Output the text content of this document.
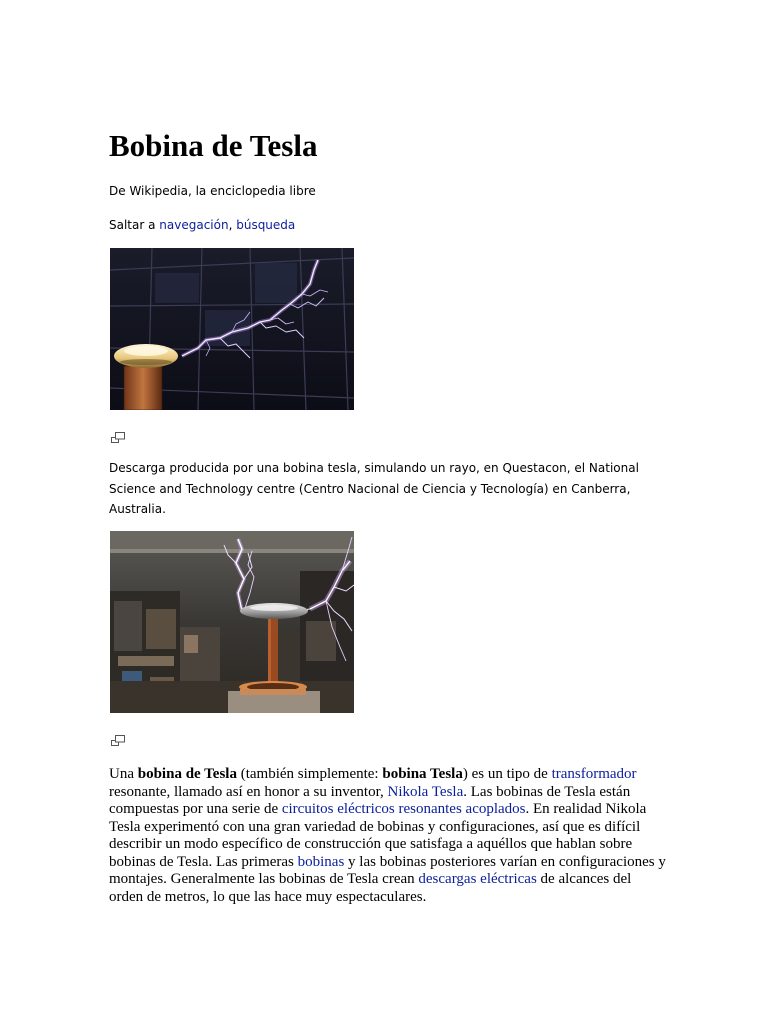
Bobina de Tesla
De Wikipedia, la enciclopedia libre
Saltar a navegación, búsqueda
Descarga producida por una bobina tesla, simulando un rayo, en Questacon, el National Science and Technology centre (Centro Nacional de Ciencia y Tecnología) en Canberra, Australia.
Una bobina de Tesla (también simplemente: bobina Tesla) es un tipo de transformador resonante, llamado así en honor a su inventor, Nikola Tesla. Las bobinas de Tesla están compuestas por una serie de circuitos eléctricos resonantes acoplados. En realidad Nikola Tesla experimentó con una gran variedad de bobinas y configuraciones, así que es difícil describir un modo específico de construcción que satisfaga a aquéllos que hablan sobre bobinas de Tesla. Las primeras bobinas y las bobinas posteriores varían en configuraciones y montajes. Generalmente las bobinas de Tesla crean descargas eléctricas de alcances del orden de metros, lo que las hace muy espectaculares.
